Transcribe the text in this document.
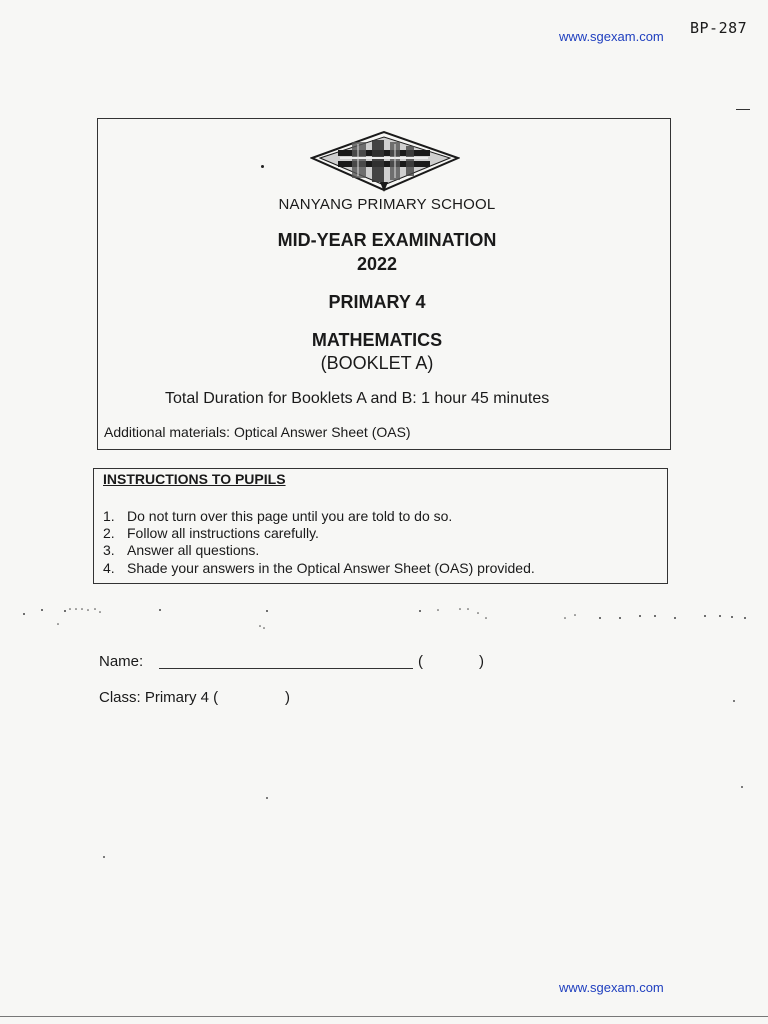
www.sgexam.com BP-287
NANYANG PRIMARY SCHOOL
MID-YEAR EXAMINATION
2022
PRIMARY 4
MATHEMATICS
(BOOKLET A)
Total Duration for Booklets A and B: 1 hour 45 minutes
Additional materials: Optical Answer Sheet (OAS)
INSTRUCTIONS TO PUPILS
1. Do not turn over this page until you are told to do so.
2. Follow all instructions carefully.
3. Answer all questions.
4. Shade your answers in the Optical Answer Sheet (OAS) provided.
Name:	(	)
Class: Primary 4 (	)
www.sgexam.com
